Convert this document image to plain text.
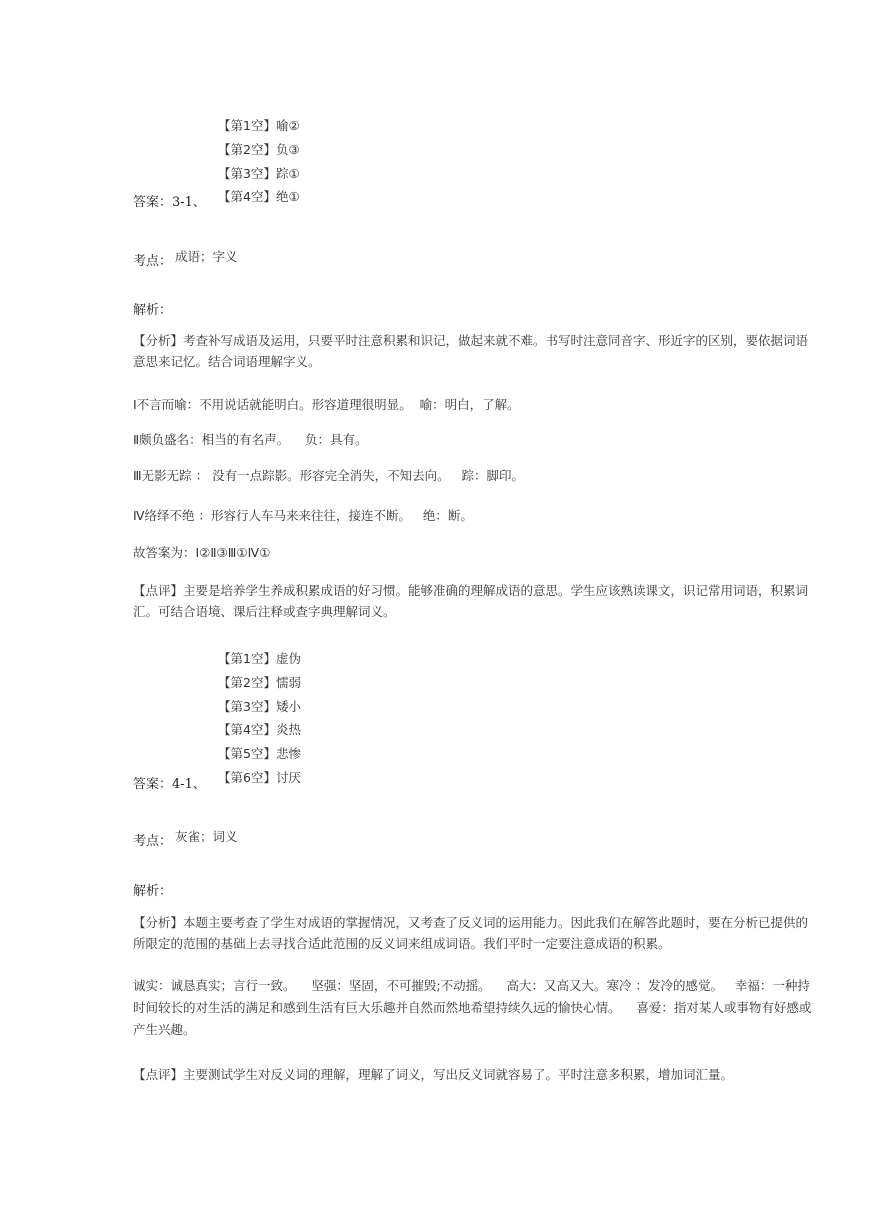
【第1空】喻②
【第2空】负③
【第3空】踪①
【第4空】绝①
答案：3-1、
考点： 成语；字义
解析：
【分析】考查补写成语及运用，只要平时注意积累和识记，做起来就不难。书写时注意同音字、形近字的区别，要依据词语
意思来记忆。结合词语理解字义。
Ⅰ不言而喻：不用说话就能明白。形容道理很明显。  喻：明白，了解。
Ⅱ颇负盛名：相当的有名声。    负：具有。
Ⅲ无影无踪 ： 没有一点踪影。形容完全消失，不知去向。   踪：脚印。
Ⅳ络绎不绝 ：形容行人车马来来往往，接连不断。   绝：断。
故答案为：Ⅰ②Ⅱ③Ⅲ①Ⅳ①
【点评】主要是培养学生养成积累成语的好习惯。能够准确的理解成语的意思。学生应该熟读课文，识记常用词语，积累词
汇。可结合语境、课后注释或查字典理解词义。
【第1空】虚伪
【第2空】懦弱
【第3空】矮小
【第4空】炎热
【第5空】悲惨
【第6空】讨厌
答案：4-1、
考点： 灰雀；词义
解析：
【分析】本题主要考查了学生对成语的掌握情况，又考查了反义词的运用能力。因此我们在解答此题时，要在分析已提供的
所限定的范围的基础上去寻找合适此范围的反义词来组成词语。我们平时一定要注意成语的积累。
诚实：诚恳真实；言行一致。    坚强：坚固，不可摧毁;不动摇。    高大：又高又大。寒冷 ：发冷的感觉。   幸福：一种持
时间较长的对生活的满足和感到生活有巨大乐趣并自然而然地希望持续久远的愉快心情。    喜爱：指对某人或事物有好感或
产生兴趣。
【点评】主要测试学生对反义词的理解，理解了词义，写出反义词就容易了。平时注意多积累，增加词汇量。
